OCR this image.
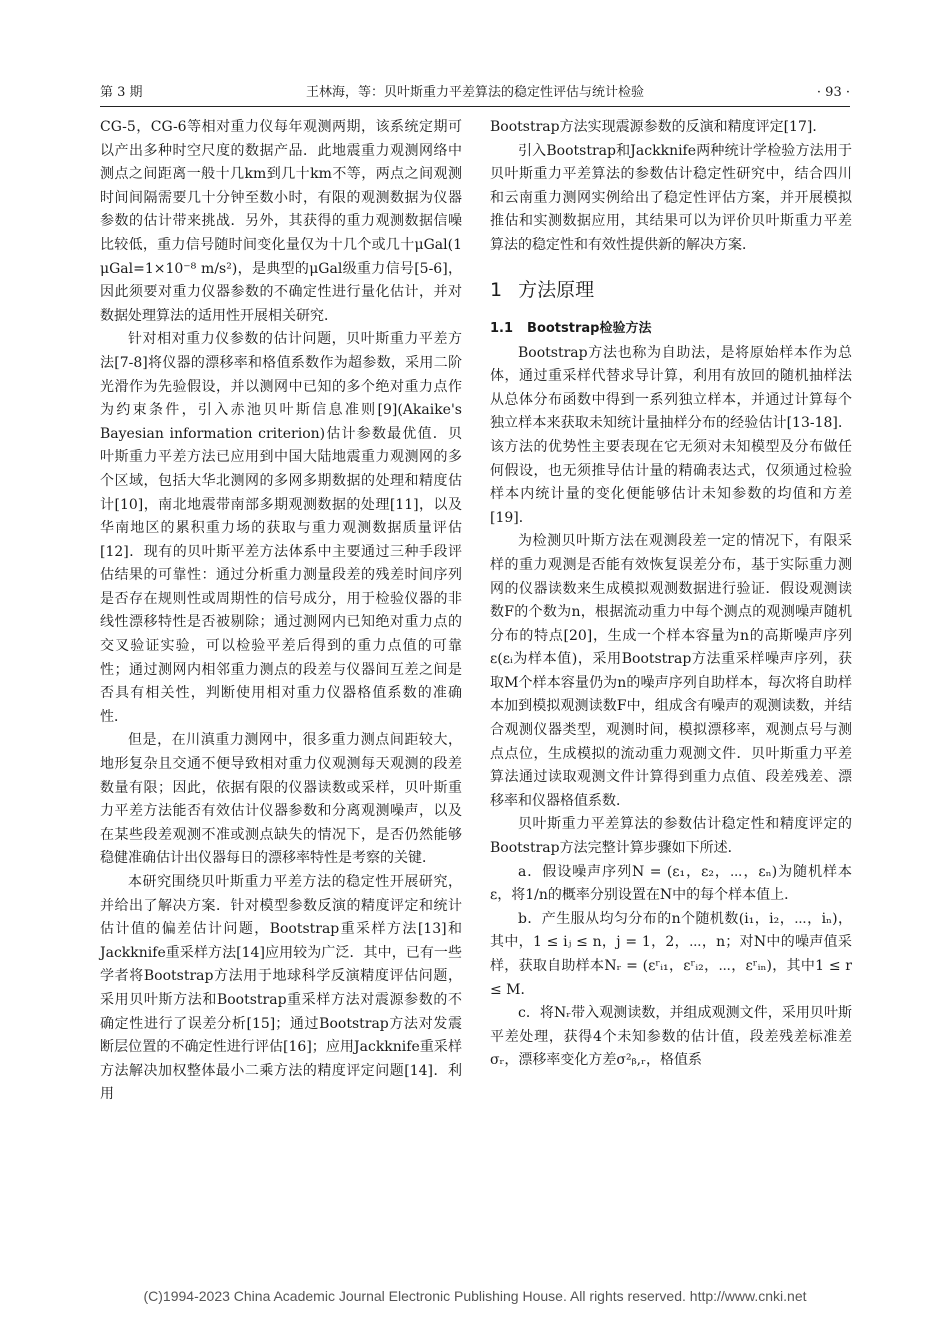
第 3 期	王林海，等：贝叶斯重力平差算法的稳定性评估与统计检验	· 93 ·

CG-5，CG-6等相对重力仪每年观测两期，该系统定期可以产出多种时空尺度的数据产品．此地震重力观测网络中测点之间距离一般十几km到几十km不等，两点之间观测时间间隔需要几十分钟至数小时，有限的观测数据为仪器参数的估计带来挑战．另外，其获得的重力观测数据信噪比较低，重力信号随时间变化量仅为十几个或几十μGal(1 μGal=1×10⁻⁸ m/s²)，是典型的μGal级重力信号[5-6]，因此须要对重力仪器参数的不确定性进行量化估计，并对数据处理算法的适用性开展相关研究．

针对相对重力仪参数的估计问题，贝叶斯重力平差方法[7-8]将仪器的漂移率和格值系数作为超参数，采用二阶光滑作为先验假设，并以测网中已知的多个绝对重力点作为约束条件，引入赤池贝叶斯信息准则[9](Akaike's Bayesian information criterion)估计参数最优值．贝叶斯重力平差方法已应用到中国大陆地震重力观测网的多个区域，包括大华北测网的多网多期数据的处理和精度估计[10]，南北地震带南部多期观测数据的处理[11]，以及华南地区的累积重力场的获取与重力观测数据质量评估[12]．现有的贝叶斯平差方法体系中主要通过三种手段评估结果的可靠性：通过分析重力测量段差的残差时间序列是否存在规则性或周期性的信号成分，用于检验仪器的非线性漂移特性是否被剔除；通过测网内已知绝对重力点的交叉验证实验，可以检验平差后得到的重力点值的可靠性；通过测网内相邻重力测点的段差与仪器间互差之间是否具有相关性，判断使用相对重力仪器格值系数的准确性．

但是，在川滇重力测网中，很多重力测点间距较大，地形复杂且交通不便导致相对重力仪观测每天观测的段差数量有限；因此，依据有限的仪器读数或采样，贝叶斯重力平差方法能否有效估计仪器参数和分离观测噪声，以及在某些段差观测不准或测点缺失的情况下，是否仍然能够稳健准确估计出仪器每日的漂移率特性是考察的关键．

本研究围绕贝叶斯重力平差方法的稳定性开展研究，并给出了解决方案．针对模型参数反演的精度评定和统计估计值的偏差估计问题，Bootstrap重采样方法[13]和Jackknife重采样方法[14]应用较为广泛．其中，已有一些学者将Bootstrap方法用于地球科学反演精度评估问题，采用贝叶斯方法和Bootstrap重采样方法对震源参数的不确定性进行了误差分析[15]；通过Bootstrap方法对发震断层位置的不确定性进行评估[16]；应用Jackknife重采样方法解决加权整体最小二乘方法的精度评定问题[14]．利用

Bootstrap方法实现震源参数的反演和精度评定[17]．

引入Bootstrap和Jackknife两种统计学检验方法用于贝叶斯重力平差算法的参数估计稳定性研究中，结合四川和云南重力测网实例给出了稳定性评估方案，并开展模拟推估和实测数据应用，其结果可以为评价贝叶斯重力平差算法的稳定性和有效性提供新的解决方案．

1 方法原理
1.1 Bootstrap检验方法

Bootstrap方法也称为自助法，是将原始样本作为总体，通过重采样代替求导计算，利用有放回的随机抽样法从总体分布函数中得到一系列独立样本，并通过计算每个独立样本来获取未知统计量抽样分布的经验估计[13-18]．该方法的优势性主要表现在它无须对未知模型及分布做任何假设，也无须推导估计量的精确表达式，仅须通过检验样本内统计量的变化便能够估计未知参数的均值和方差[19]．

为检测贝叶斯方法在观测段差一定的情况下，有限采样的重力观测是否能有效恢复误差分布，基于实际重力测网的仪器读数来生成模拟观测数据进行验证．假设观测读数F的个数为n，根据流动重力中每个测点的观测噪声随机分布的特点[20]，生成一个样本容量为n的高斯噪声序列ε(εᵢ为样本值)，采用Bootstrap方法重采样噪声序列，获取M个样本容量仍为n的噪声序列自助样本，每次将自助样本加到模拟观测读数F中，组成含有噪声的观测读数，并结合观测仪器类型，观测时间，模拟漂移率，观测点号与测点点位，生成模拟的流动重力观测文件．贝叶斯重力平差算法通过读取观测文件计算得到重力点值、段差残差、漂移率和仪器格值系数．

贝叶斯重力平差算法的参数估计稳定性和精度评定的Bootstrap方法完整计算步骤如下所述．

a．假设噪声序列N = (ε₁，ε₂，⋯，εₙ)为随机样本ε，将1/n的概率分别设置在N中的每个样本值上．

b．产生服从均匀分布的n个随机数(i₁，i₂，⋯，iₙ)，其中，1 ≤ iⱼ ≤ n，j = 1，2，⋯，n；对N中的噪声值采样，获取自助样本Nᵣ = (εʳᵢ₁，εʳᵢ₂，⋯，εʳᵢₙ)，其中1 ≤ r ≤ M．

c．将Nᵣ带入观测读数，并组成观测文件，采用贝叶斯平差处理，获得4个未知参数的估计值，段差残差标准差σᵣ，漂移率变化方差σ²ᵦ,ᵣ，格值系

(C)1994-2023 China Academic Journal Electronic Publishing House. All rights reserved. http://www.cnki.net
